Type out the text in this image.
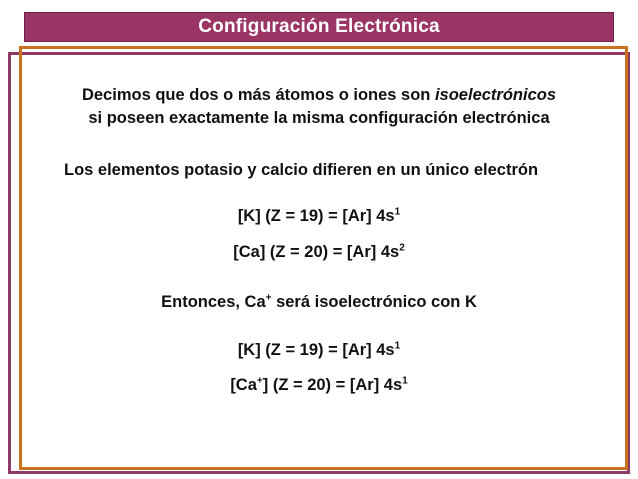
Configuración Electrónica
Decimos que dos o más átomos o iones son isoelectrónicos
si poseen exactamente la misma configuración electrónica
Los elementos potasio y calcio difieren en un único electrón
[K] (Z = 19) = [Ar] $4s^1$
[Ca] (Z = 20) = [Ar] $4s^2$
Entonces, Ca+ será isoelectrónico con K
[K] (Z = 19) = [Ar] $4s^1$
[Ca+] (Z = 20) = [Ar] $4s^1$
